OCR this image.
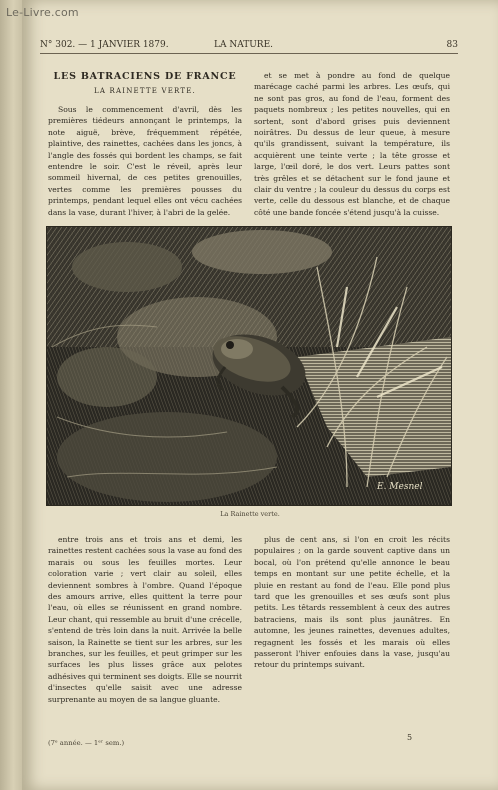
Le-Livre.com
N° 302. — 1 JANVIER 1879.	LA NATURE.	83
LES BATRACIENS DE FRANCE
LA RAINETTE VERTE.

Sous le commencement d'avril, dès les premières tiédeurs annonçant le printemps, la note aiguë, brève, fréquemment répétée, plaintive, des rainettes, cachées dans les joncs, à l'angle des fossés qui bordent les champs, se fait entendre le soir. C'est le réveil, après leur sommeil hivernal, de ces petites grenouilles, vertes comme les premières pousses du printemps, pendant lequel elles ont vécu cachées dans la vase, durant l'hiver, à l'abri de la gelée.

et se met à pondre au fond de quelque marécage caché parmi les arbres. Les œufs, qui ne sont pas gros, au fond de l'eau, forment des paquets nombreux ; les petites nouvelles, qui en sortent, sont d'abord grises puis deviennent noirâtres. Du dessus de leur queue, à mesure qu'ils grandissent, suivant la température, ils acquièrent une teinte verte ; la tête grosse et large, l'œil doré, le dos vert. Leurs pattes sont très grêles et se détachent sur le fond jaune et clair du ventre ; la couleur du dessus du corps est verte, celle du dessous est blanche, et de chaque côté une bande foncée s'étend jusqu'à la cuisse.

E. Mesnel
La Rainette verte.

entre trois ans et trois ans et demi, les rainettes restent cachées sous la vase au fond des marais ou sous les feuilles mortes. Leur coloration varie ; vert clair au soleil, elles deviennent sombres à l'ombre. Quand l'époque des amours arrive, elles quittent la terre pour l'eau, où elles se réunissent en grand nombre. Leur chant, qui ressemble au bruit d'une crécelle, s'entend de très loin dans la nuit. Arrivée la belle saison, la Rainette se tient sur les arbres, sur les branches, sur les feuilles, et peut grimper sur les surfaces les plus lisses grâce aux pelotes adhésives qui terminent ses doigts. Elle se nourrit d'insectes qu'elle saisit avec une adresse surprenante au moyen de sa langue gluante.

plus de cent ans, si l'on en croit les récits populaires ; on la garde souvent captive dans un bocal, où l'on prétend qu'elle annonce le beau temps en montant sur une petite échelle, et la pluie en restant au fond de l'eau. Elle pond plus tard que les grenouilles et ses œufs sont plus petits. Les têtards ressemblent à ceux des autres batraciens, mais ils sont plus jaunâtres. En automne, les jeunes rainettes, devenues adultes, regagnent les fossés et les marais où elles passeront l'hiver enfouies dans la vase, jusqu'au retour du printemps suivant.

(7ᵉ année. — 1ᵉʳ sem.)
5
